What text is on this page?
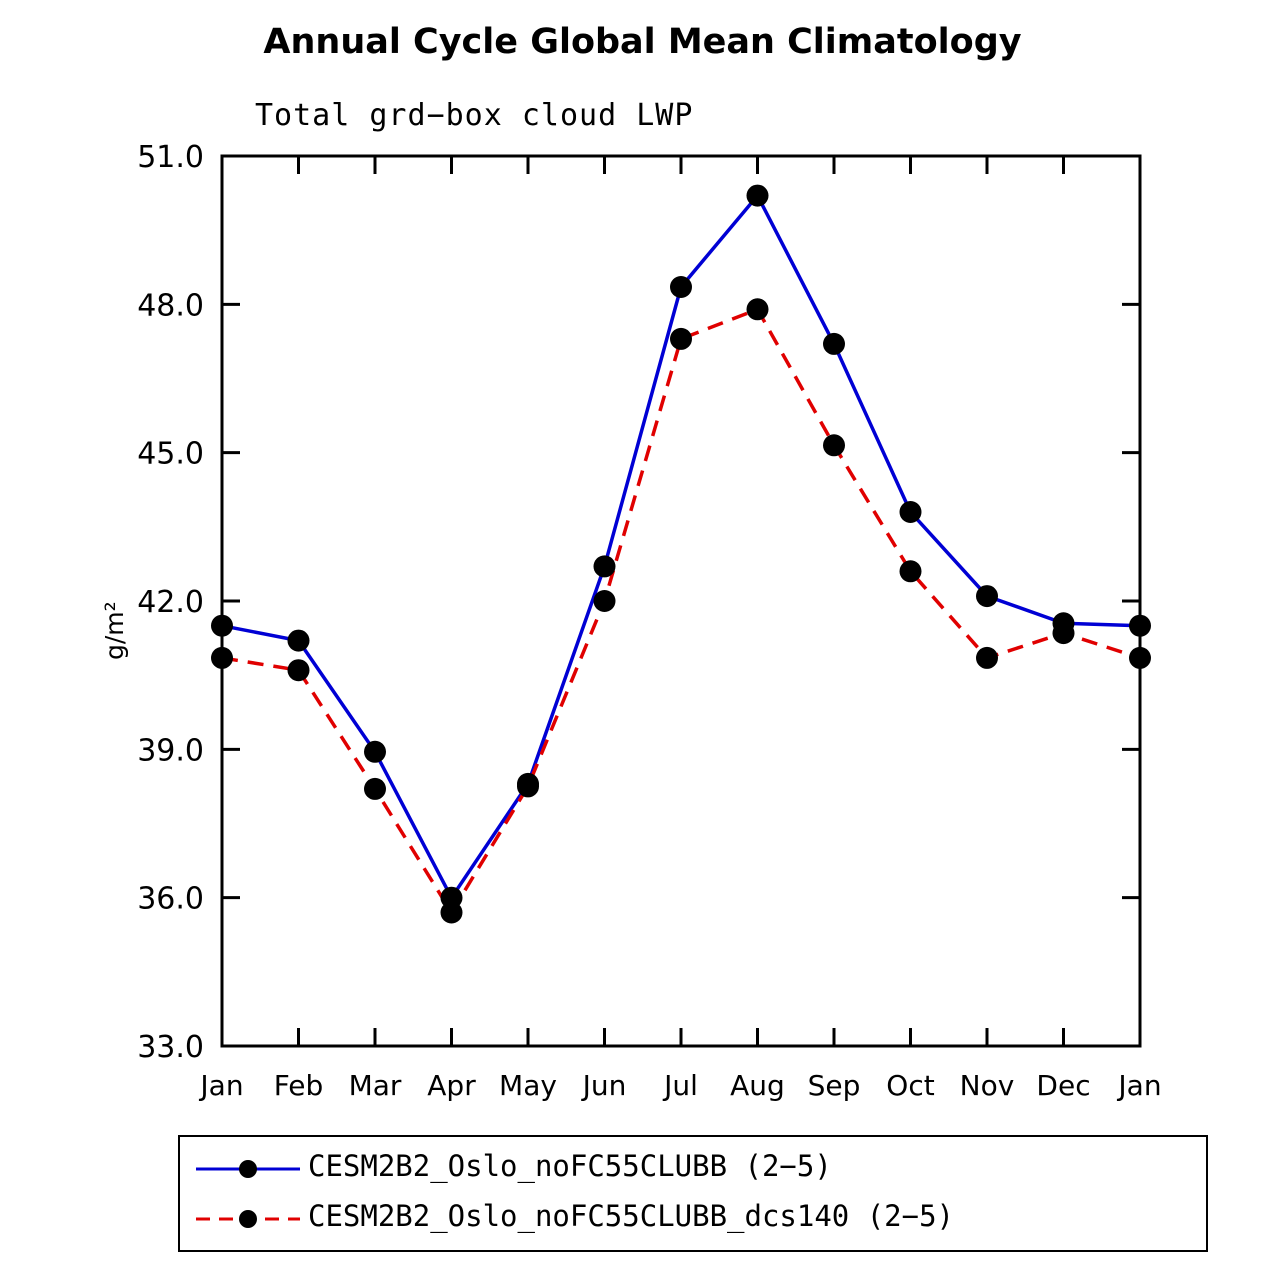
Annual Cycle Global Mean Climatology
Total grd−box cloud LWP
g/m²
51.0
48.0
45.0
42.0
39.0
36.0
33.0
Jan Feb Mar Apr May Jun Jul Aug Sep Oct Nov Dec Jan
CESM2B2_Oslo_noFC55CLUBB (2−5)
CESM2B2_Oslo_noFC55CLUBB_dcs140 (2−5)
